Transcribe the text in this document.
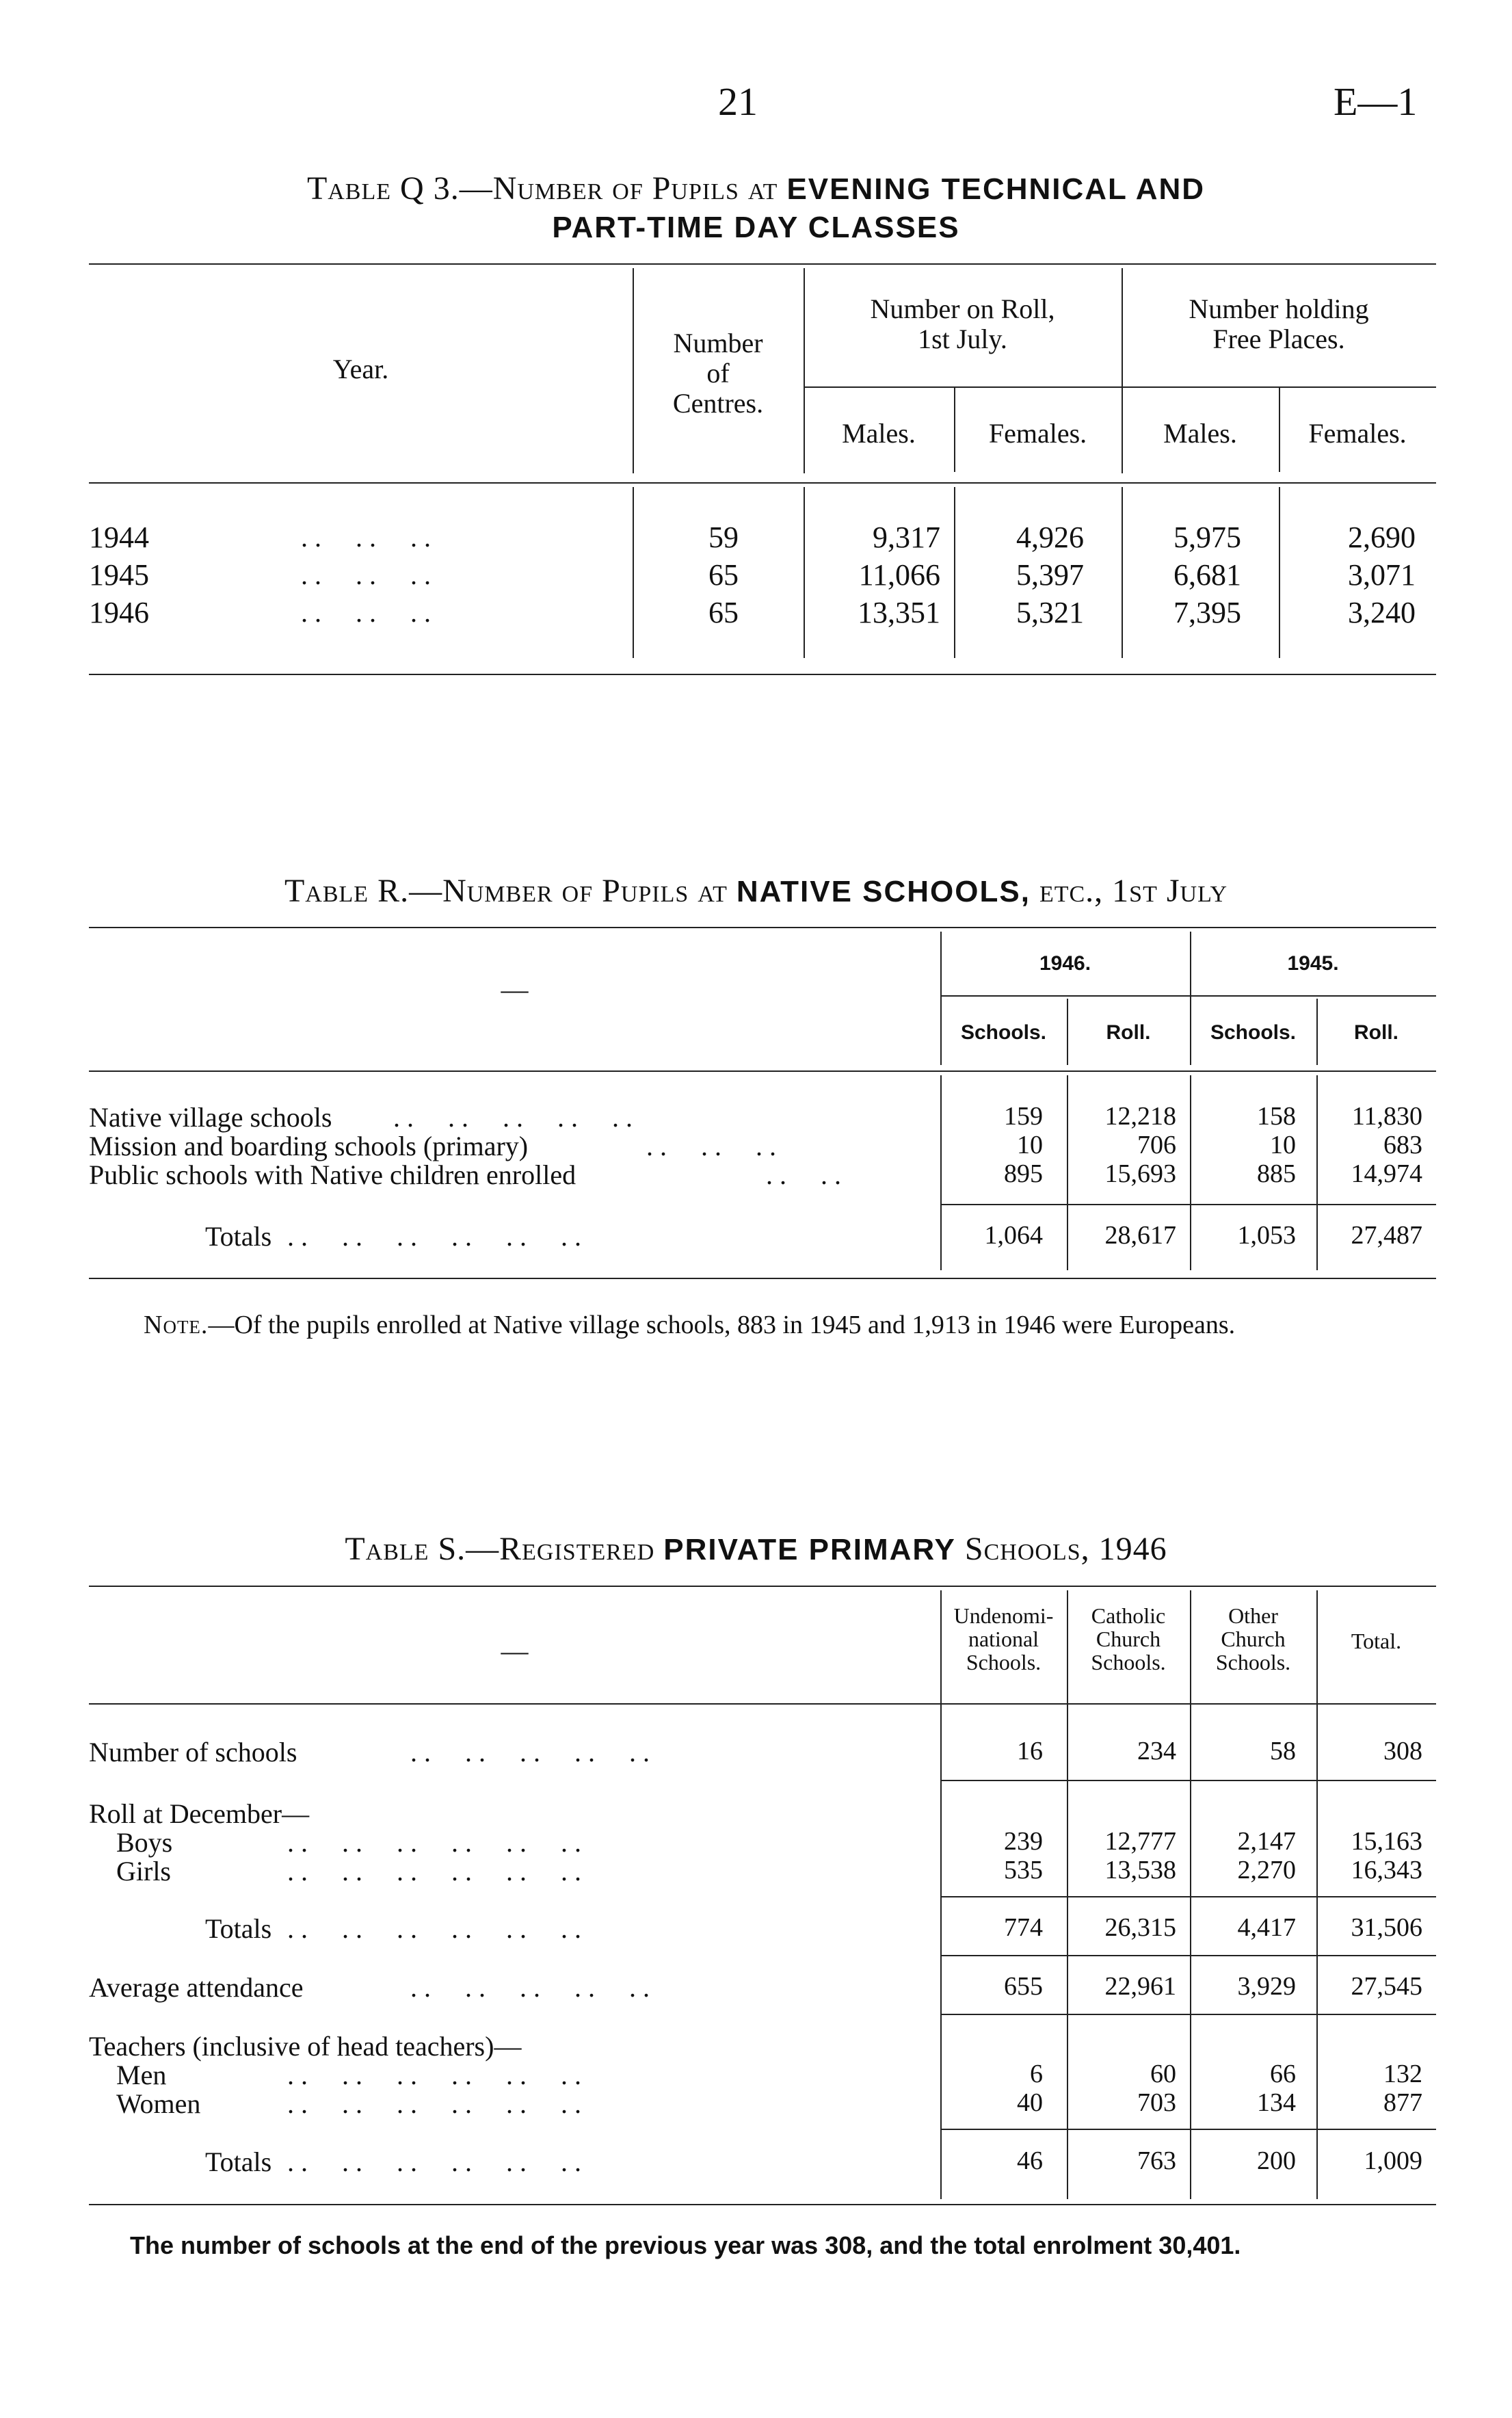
21	E—1
Table Q 3.—Number of Pupils at EVENING TECHNICAL AND
PART-TIME DAY CLASSES
Year.
Number
of
Centres.
Number on Roll,
1st July.
Number holding
Free Places.
Males.	Females.	Males.	Females.
1944	. .     . .     . .	59	9,317	4,926	5,975	2,690
1945	. .     . .     . .	65	11,066	5,397	6,681	3,071
1946	. .     . .     . .	65	13,351	5,321	7,395	3,240
Table R.—Number of Pupils at NATIVE SCHOOLS, etc., 1st July
—
1946.	1945.
Schools.	Roll.	Schools.	Roll.
Native village schools . .     . .     . .     . .     . .	159	12,218	158	11,830
Mission and boarding schools (primary)	. .     . .     . .	10	706	10	683
Public schools with Native children enrolled	. .     . .	895	15,693	885	14,974
Totals . .     . .     . .     . .     . .     . .	1,064	28,617	1,053	27,487
Note.—Of the pupils enrolled at Native village schools, 883 in 1945 and 1,913 in 1946 were Europeans.
Table S.—Registered PRIVATE PRIMARY Schools, 1946
—
Undenomi-
national
Schools.
Catholic
Church
Schools.
Other
Church
Schools.
Total.
Number of schools	. .     . .     . .     . .     . .	16	234	58	308
Roll at December—
Boys	. .     . .     . .     . .     . .     . .	239	12,777	2,147	15,163
Girls	. .     . .     . .     . .     . .     . .	535	13,538	2,270	16,343
Totals . .     . .     . .     . .     . .     . .	774	26,315	4,417	31,506
Average attendance	. .     . .     . .     . .     . .	655	22,961	3,929	27,545
Teachers (inclusive of head teachers)—
Men	. .     . .     . .     . .     . .     . .	6	60	66	132
Women	. .     . .     . .     . .     . .     . .	40	703	134	877
Totals . .     . .     . .     . .     . .     . .	46	763	200	1,009
The number of schools at the end of the previous year was 308, and the total enrolment 30,401.
